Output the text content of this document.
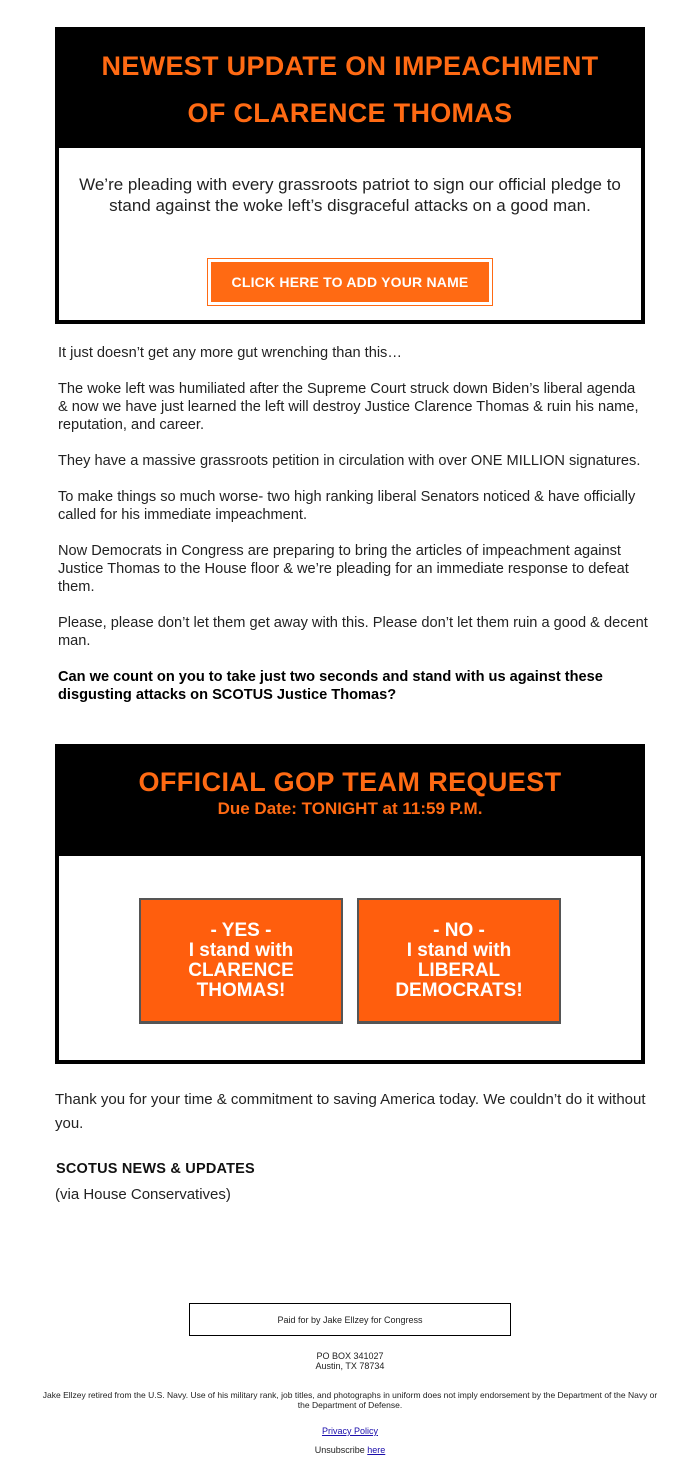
NEWEST UPDATE ON IMPEACHMENT
OF CLARENCE THOMAS
We’re pleading with every grassroots patriot to sign our official pledge to stand against the woke left’s disgraceful attacks on a good man.
CLICK HERE TO ADD YOUR NAME

It just doesn’t get any more gut wrenching than this…

The woke left was humiliated after the Supreme Court struck down Biden’s liberal agenda & now we have just learned the left will destroy Justice Clarence Thomas & ruin his name, reputation, and career.

They have a massive grassroots petition in circulation with over ONE MILLION signatures.

To make things so much worse- two high ranking liberal Senators noticed & have officially called for his immediate impeachment.

Now Democrats in Congress are preparing to bring the articles of impeachment against Justice Thomas to the House floor & we’re pleading for an immediate response to defeat them.

Please, please don’t let them get away with this. Please don’t let them ruin a good & decent man.

Can we count on you to take just two seconds and stand with us against these disgusting attacks on SCOTUS Justice Thomas?

OFFICIAL GOP TEAM REQUEST
Due Date: TONIGHT at 11:59 P.M.
- YES -
I stand with
CLARENCE
THOMAS!
- NO -
I stand with
LIBERAL
DEMOCRATS!
Thank you for your time & commitment to saving America today. We couldn’t do it without you.
SCOTUS NEWS & UPDATES
(via House Conservatives)
Paid for by Jake Ellzey for Congress
PO BOX 341027
Austin, TX 78734
Jake Ellzey retired from the U.S. Navy. Use of his military rank, job titles, and photographs in uniform does not imply endorsement by the Department of the Navy or the Department of Defense.
Privacy Policy
Unsubscribe here
